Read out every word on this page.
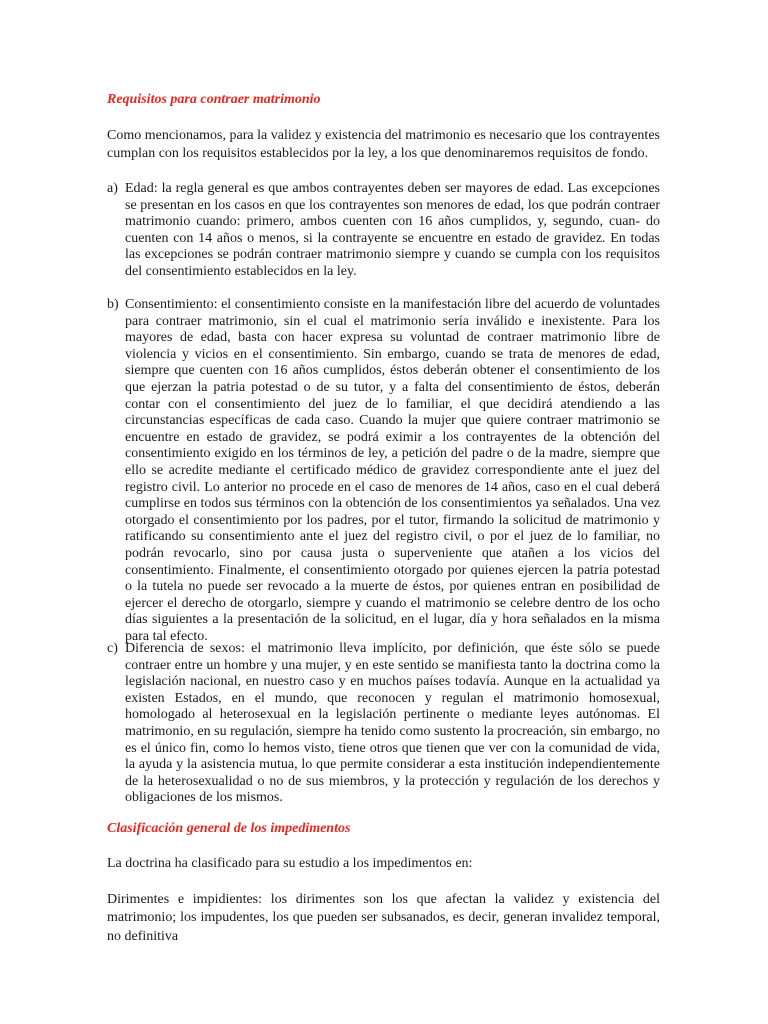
Requisitos para contraer matrimonio

Como mencionamos, para la validez y existencia del matrimonio es necesario que los contrayentes cumplan con los requisitos establecidos por la ley, a los que denominaremos requisitos de fondo.

a) Edad: la regla general es que ambos contrayentes deben ser mayores de edad. Las excepciones se presentan en los casos en que los contrayentes son menores de edad, los que podrán contraer matrimonio cuando: primero, ambos cuenten con 16 años cumplidos, y, segundo, cuan- do cuenten con 14 años o menos, si la contrayente se encuentre en estado de gravidez. En todas las excepciones se podrán contraer matrimonio siempre y cuando se cumpla con los requisitos del consentimiento establecidos en la ley.
b) Consentimiento: el consentimiento consiste en la manifestación libre del acuerdo de voluntades para contraer matrimonio, sin el cual el matrimonio sería inválido e inexistente. Para los mayores de edad, basta con hacer expresa su voluntad de contraer matrimonio libre de violencia y vicios en el consentimiento. Sin embargo, cuando se trata de menores de edad, siempre que cuenten con 16 años cumplidos, éstos deberán obtener el consentimiento de los que ejerzan la patria potestad o de su tutor, y a falta del consentimiento de éstos, deberán contar con el consentimiento del juez de lo familiar, el que decidirá atendiendo a las circunstancias específicas de cada caso. Cuando la mujer que quiere contraer matrimonio se encuentre en estado de gravidez, se podrá eximir a los contrayentes de la obtención del consentimiento exigido en los términos de ley, a petición del padre o de la madre, siempre que ello se acredite mediante el certificado médico de gravidez correspondiente ante el juez del registro civil. Lo anterior no procede en el caso de menores de 14 años, caso en el cual deberá cumplirse en todos sus términos con la obtención de los consentimientos ya señalados. Una vez otorgado el consentimiento por los padres, por el tutor, firmando la solicitud de matrimonio y ratificando su consentimiento ante el juez del registro civil, o por el juez de lo familiar, no podrán revocarlo, sino por causa justa o superveniente que atañen a los vicios del consentimiento. Finalmente, el consentimiento otorgado por quienes ejercen la patria potestad o la tutela no puede ser revocado a la muerte de éstos, por quienes entran en posibilidad de ejercer el derecho de otorgarlo, siempre y cuando el matrimonio se celebre dentro de los ocho días siguientes a la presentación de la solicitud, en el lugar, día y hora señalados en la misma para tal efecto.
c) Diferencia de sexos: el matrimonio lleva implícito, por definición, que éste sólo se puede contraer entre un hombre y una mujer, y en este sentido se manifiesta tanto la doctrina como la legislación nacional, en nuestro caso y en muchos países todavía. Aunque en la actualidad ya existen Estados, en el mundo, que reconocen y regulan el matrimonio homosexual, homologado al heterosexual en la legislación pertinente o mediante leyes autónomas. El matrimonio, en su regulación, siempre ha tenido como sustento la procreación, sin embargo, no es el único fin, como lo hemos visto, tiene otros que tienen que ver con la comunidad de vida, la ayuda y la asistencia mutua, lo que permite considerar a esta institución independientemente de la heterosexualidad o no de sus miembros, y la protección y regulación de los derechos y obligaciones de los mismos.
Clasificación general de los impedimentos

La doctrina ha clasificado para su estudio a los impedimentos en:

Dirimentes e impidientes: los dirimentes son los que afectan la validez y existencia del matrimonio; los impudentes, los que pueden ser subsanados, es decir, generan invalidez temporal, no definitiva
